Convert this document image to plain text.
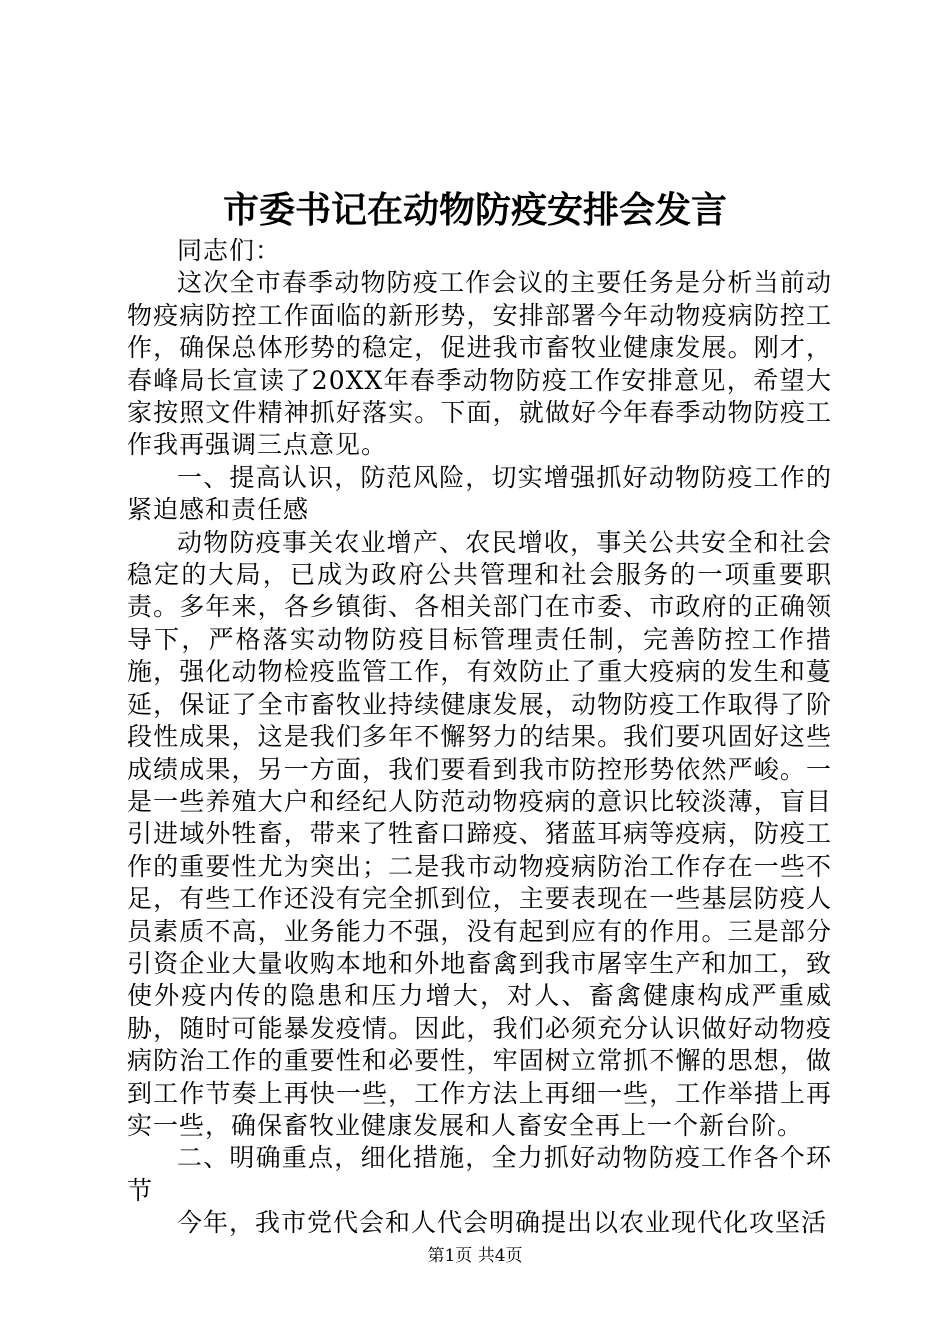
市委书记在动物防疫安排会发言

同志们：

这次全市春季动物防疫工作会议的主要任务是分析当前动物疫病防控工作面临的新形势，安排部署今年动物疫病防控工作，确保总体形势的稳定，促进我市畜牧业健康发展。刚才，春峰局长宣读了20XX年春季动物防疫工作安排意见，希望大家按照文件精神抓好落实。下面，就做好今年春季动物防疫工作我再强调三点意见。

一、提高认识，防范风险，切实增强抓好动物防疫工作的紧迫感和责任感

动物防疫事关农业增产、农民增收，事关公共安全和社会稳定的大局，已成为政府公共管理和社会服务的一项重要职责。多年来，各乡镇街、各相关部门在市委、市政府的正确领导下，严格落实动物防疫目标管理责任制，完善防控工作措施，强化动物检疫监管工作，有效防止了重大疫病的发生和蔓延，保证了全市畜牧业持续健康发展，动物防疫工作取得了阶段性成果，这是我们多年不懈努力的结果。我们要巩固好这些成绩成果，另一方面，我们要看到我市防控形势依然严峻。一是一些养殖大户和经纪人防范动物疫病的意识比较淡薄，盲目引进域外牲畜，带来了牲畜口蹄疫、猪蓝耳病等疫病，防疫工作的重要性尤为突出；二是我市动物疫病防治工作存在一些不足，有些工作还没有完全抓到位，主要表现在一些基层防疫人员素质不高，业务能力不强，没有起到应有的作用。三是部分引资企业大量收购本地和外地畜禽到我市屠宰生产和加工，致使外疫内传的隐患和压力增大，对人、畜禽健康构成严重威胁，随时可能暴发疫情。因此，我们必须充分认识做好动物疫病防治工作的重要性和必要性，牢固树立常抓不懈的思想，做到工作节奏上再快一些，工作方法上再细一些，工作举措上再实一些，确保畜牧业健康发展和人畜安全再上一个新台阶。

二、明确重点，细化措施，全力抓好动物防疫工作各个环节

今年，我市党代会和人代会明确提出以农业现代化攻坚活

第1页 共4页
